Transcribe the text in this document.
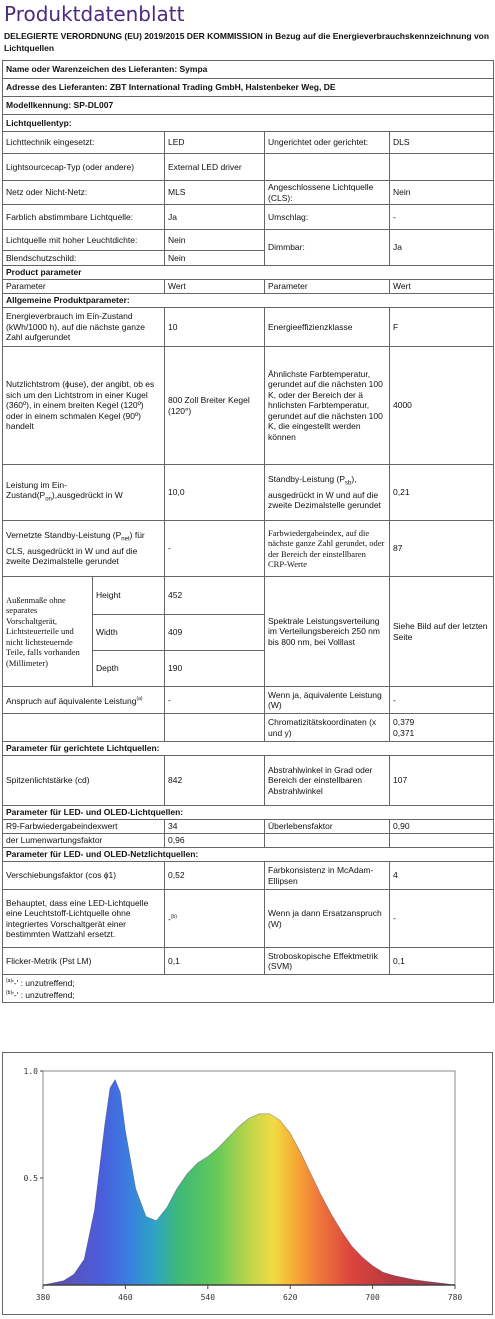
Produktdatenblatt
DELEGIERTE VERORDNUNG (EU) 2019/2015 DER KOMMISSION in Bezug auf die Energieverbrauchskennzeichnung von Lichtquellen
Name oder Warenzeichen des Lieferanten: Sympa				
Adresse des Lieferanten: ZBT International Trading GmbH, Halstenbeker Weg, DE				
Modellkennung: SP-DL007				
Lichtquellentyp:				
Lichttechnik eingesetzt:		LED	Ungerichtet oder gerichtet:	DLS
Lightsourcecap-Typ (oder andere)		External LED driver		
Netz oder Nicht-Netz:		MLS	Angeschlossene Lichtquelle (CLS):	Nein
Farblich abstimmbare Lichtquelle:		Ja	Umschlag:	-
Lichtquelle mit hoher Leuchtdichte:		Nein	Dimmbar:	Ja
Blendschutzschild:		Nein		
Product parameter				
Parameter		Wert	Parameter	Wert
Allgemeine Produktparameter:				
Energieverbrauch im Ein-Zustand (kWh/1000 h), auf die nächste ganze Zahl aufgerundet		10	Energieeffizienzklasse	F
Nutzlichtstrom (ɸuse), der angibt, ob es sich um den Lichtstrom in einer Kugel (360º), in einem breiten Kegel (120º) oder in einem schmalen Kegel (90º) handelt		800 Zoll Breiter Kegel (120°)	Ähnlichste Farbtemperatur, gerundet auf die nächsten 100 K, oder der Bereich der ä hnlichsten Farbtemperatur, gerundet auf die nächsten 100 K, die eingestellt werden können	4000
Leistung im Ein-$Zustand(P_{on}),ausgedrückt$ in W		10,0	Standby-Leistung $(P_{sb})$, ausgedrückt in W und auf die zweite Dezimalstelle gerundet	0,21
Vernetzte Standby-Leistung $(P_{net})$ für CLS, ausgedrückt in W und auf die zweite Dezimalstelle gerundet		-	Farbwiedergabeindex, auf die nächste ganze Zahl gerundet, oder der Bereich der einstellbaren CRP-Werte	87
Außenmaße ohne separates Vorschaltgerät, Lichtsteuerteile und nicht lichtsteuernde Teile, falls vorhanden (Millimeter)	Height	452	Spektrale Leistungsverteilung im Verteilungsbereich 250 nm bis 800 nm, bei Volllast	Siehe Bild auf der letzten Seite
	Width	409		
	Depth	190		
Anspruch auf äquivalente Leistung$^{(a)}$		-	Wenn ja, äquivalente Leistung (W)	-
			Chromatizitätskoordinaten (x und y)	0,379
0,371

Parameter für gerichtete Lichtquellen:				
Spitzenlichtstärke (cd)		842	Abstrahlwinkel in Grad oder Bereich der einstellbaren Abstrahlwinkel	107
Parameter für LED- und OLED-Lichtquellen:				
R9-Farbwiedergabeindexwert		34	Überlebensfaktor	0,90
der Lumenwartungsfaktor		0,96		
Parameter für LED- und OLED-Netzlichtquellen:				
Verschiebungsfaktor (cos ϕ1)		0,52	Farbkonsistenz in McAdam-Ellipsen	4
Behauptet, dass eine LED-Lichtquelle eine Leuchtstoff-Lichtquelle ohne integriertes Vorschaltgerät einer bestimmten Wattzahl ersetzt.		-$^{(b)}$	Wenn ja dann Ersatzanspruch (W)	-
Flicker-Metrik (Pst LM)		0,1	Stroboskopische Effektmetrik (SVM)	0,1

$^{(a)}$'-' : unzutreffend;
$^{(b)}$'-' : unzutreffend;				
380	460	540	620	700	780
0.5
1.0
